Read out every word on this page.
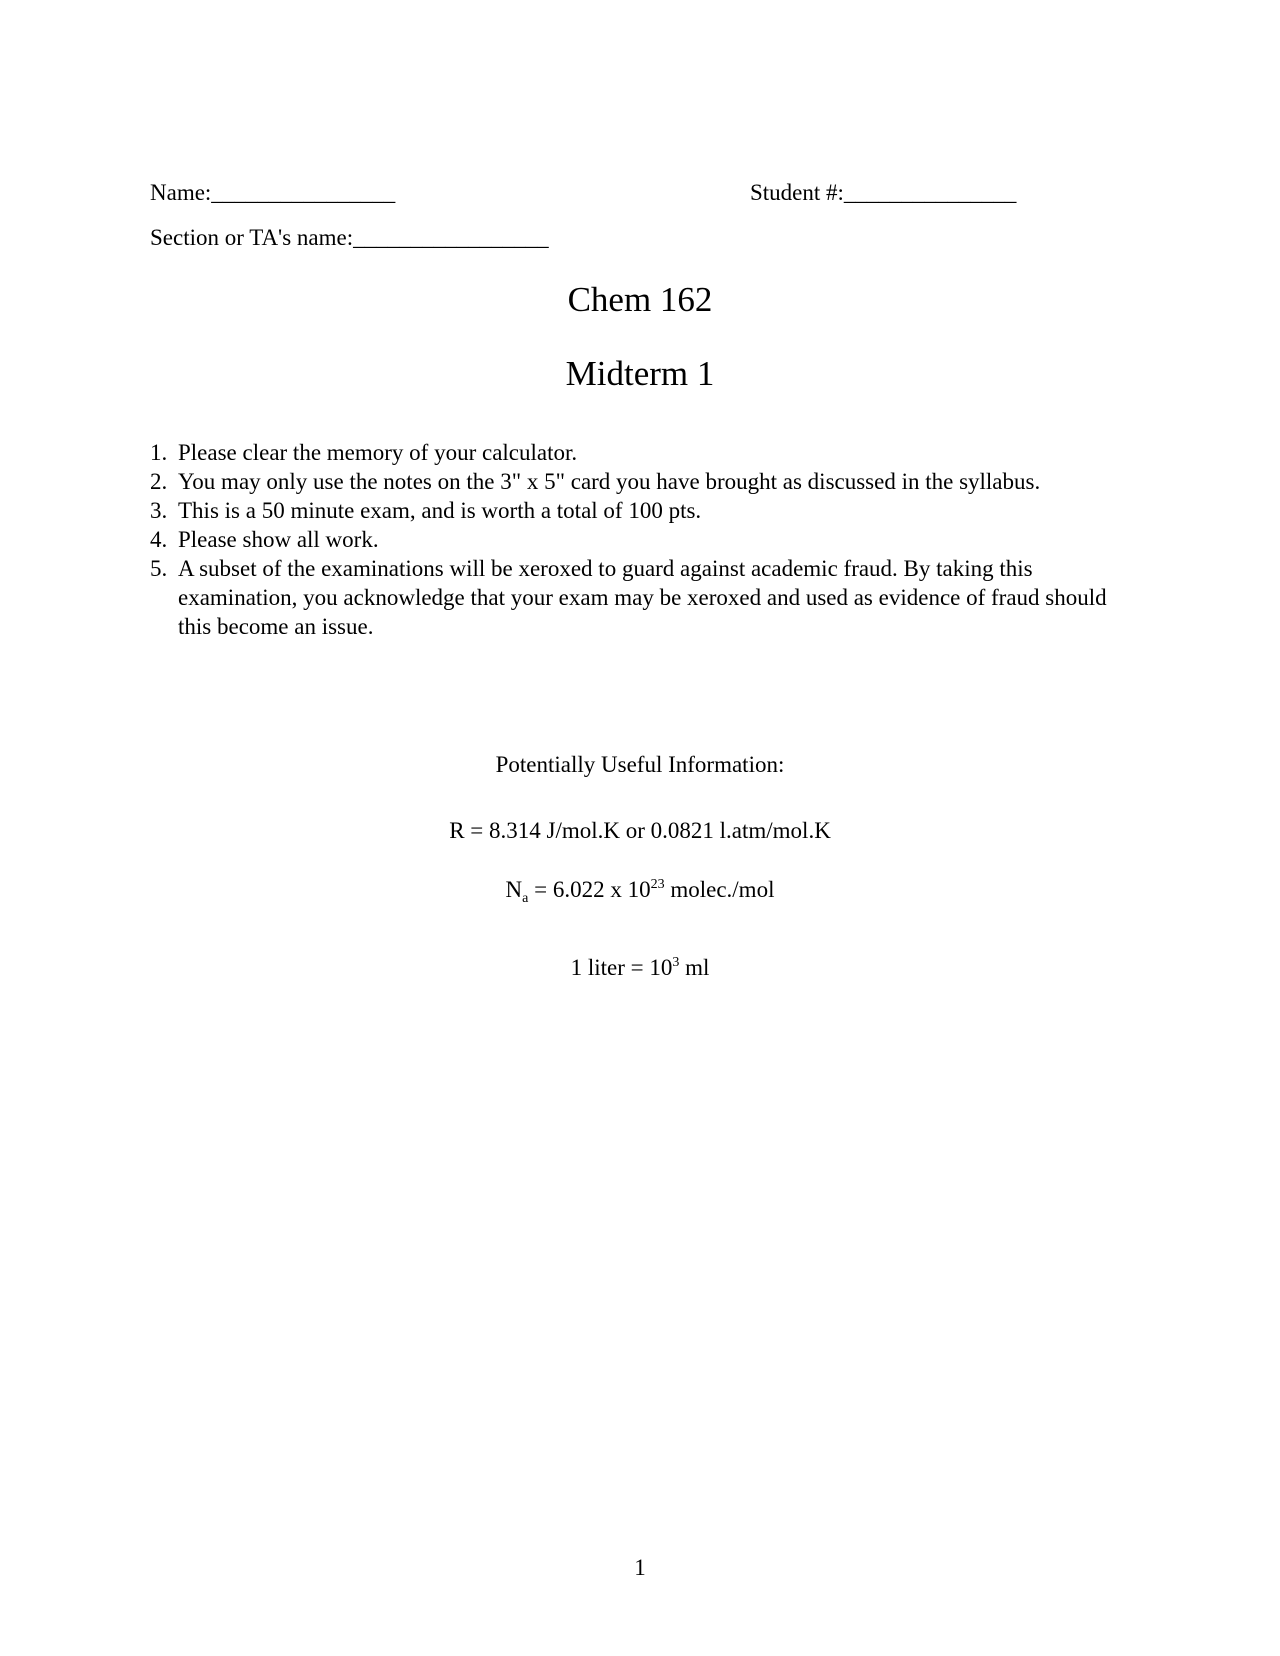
Name:________________	Student #:_______________
Section or TA's name:_________________
Chem 162
Midterm 1
1. Please clear the memory of your calculator.
2. You may only use the notes on the 3" x 5" card you have brought as discussed in the syllabus.
3. This is a 50 minute exam, and is worth a total of 100 pts.
4. Please show all work.
5. A subset of the examinations will be xeroxed to guard against academic fraud. By taking this examination, you acknowledge that your exam may be xeroxed and used as evidence of fraud should this become an issue.
Potentially Useful Information:
R = 8.314 J/mol.K or 0.0821 l.atm/mol.K
$N_a = 6.022$ x $10^{23}$ molec./mol
1 liter = $10^3$ ml
1
